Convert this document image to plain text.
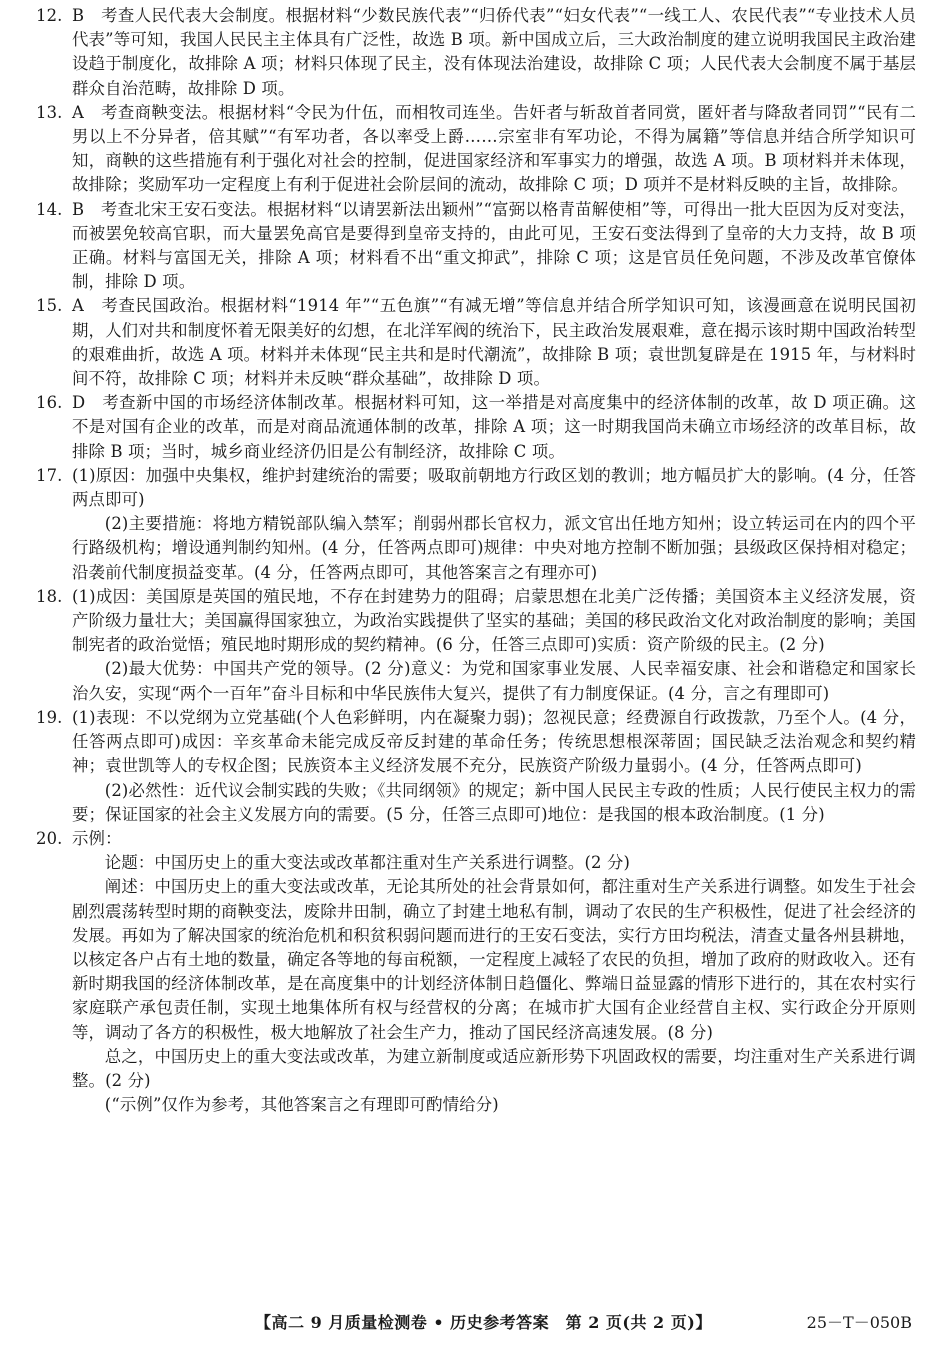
12. B　考查人民代表大会制度。根据材料“少数民族代表”“归侨代表”“妇女代表”“一线工人、农民代表”“专业技术人员代表”等可知，我国人民民主主体具有广泛性，故选 B 项。新中国成立后，三大政治制度的建立说明我国民主政治建设趋于制度化，故排除 A 项；材料只体现了民主，没有体现法治建设，故排除 C 项；人民代表大会制度不属于基层群众自治范畴，故排除 D 项。

13. A　考查商鞅变法。根据材料“令民为什伍，而相牧司连坐。告奸者与斩敌首者同赏，匿奸者与降敌者同罚”“民有二男以上不分异者，倍其赋”“有军功者，各以率受上爵……宗室非有军功论，不得为属籍”等信息并结合所学知识可知，商鞅的这些措施有利于强化对社会的控制，促进国家经济和军事实力的增强，故选 A 项。B 项材料并未体现，故排除；奖励军功一定程度上有利于促进社会阶层间的流动，故排除 C 项；D 项并不是材料反映的主旨，故排除。

14. B　考查北宋王安石变法。根据材料“以请罢新法出颖州”“富弼以格青苗解使相”等，可得出一批大臣因为反对变法，而被罢免较高官职，而大量罢免高官是要得到皇帝支持的，由此可见，王安石变法得到了皇帝的大力支持，故 B 项正确。材料与富国无关，排除 A 项；材料看不出“重文抑武”，排除 C 项；这是官员任免问题，不涉及改革官僚体制，排除 D 项。

15. A　考查民国政治。根据材料“1914 年”“五色旗”“有减无增”等信息并结合所学知识可知，该漫画意在说明民国初期，人们对共和制度怀着无限美好的幻想，在北洋军阀的统治下，民主政治发展艰难，意在揭示该时期中国政治转型的艰难曲折，故选 A 项。材料并未体现“民主共和是时代潮流”，故排除 B 项；袁世凯复辟是在 1915 年，与材料时间不符，故排除 C 项；材料并未反映“群众基础”，故排除 D 项。

16. D　考查新中国的市场经济体制改革。根据材料可知，这一举措是对高度集中的经济体制的改革，故 D 项正确。这不是对国有企业的改革，而是对商品流通体制的改革，排除 A 项；这一时期我国尚未确立市场经济的改革目标，故排除 B 项；当时，城乡商业经济仍旧是公有制经济，故排除 C 项。

17. (1)原因：加强中央集权，维护封建统治的需要；吸取前朝地方行政区划的教训；地方幅员扩大的影响。(4 分，任答两点即可)

(2)主要措施：将地方精锐部队编入禁军；削弱州郡长官权力，派文官出任地方知州；设立转运司在内的四个平行路级机构；增设通判制约知州。(4 分，任答两点即可)规律：中央对地方控制不断加强；县级政区保持相对稳定；沿袭前代制度损益变革。(4 分，任答两点即可，其他答案言之有理亦可)

18. (1)成因：美国原是英国的殖民地，不存在封建势力的阻碍；启蒙思想在北美广泛传播；美国资本主义经济发展，资产阶级力量壮大；美国赢得国家独立，为政治实践提供了坚实的基础；美国的移民政治文化对政治制度的影响；美国制宪者的政治觉悟；殖民地时期形成的契约精神。(6 分，任答三点即可)实质：资产阶级的民主。(2 分)

(2)最大优势：中国共产党的领导。(2 分)意义：为党和国家事业发展、人民幸福安康、社会和谐稳定和国家长治久安，实现“两个一百年”奋斗目标和中华民族伟大复兴，提供了有力制度保证。(4 分，言之有理即可)

19. (1)表现：不以党纲为立党基础(个人色彩鲜明，内在凝聚力弱)；忽视民意；经费源自行政拨款，乃至个人。(4 分，任答两点即可)成因：辛亥革命未能完成反帝反封建的革命任务；传统思想根深蒂固；国民缺乏法治观念和契约精神；袁世凯等人的专权企图；民族资本主义经济发展不充分，民族资产阶级力量弱小。(4 分，任答两点即可)

(2)必然性：近代议会制实践的失败；《共同纲领》的规定；新中国人民民主专政的性质；人民行使民主权力的需要；保证国家的社会主义发展方向的需要。(5 分，任答三点即可)地位：是我国的根本政治制度。(1 分)

20. 示例：

论题：中国历史上的重大变法或改革都注重对生产关系进行调整。(2 分)

阐述：中国历史上的重大变法或改革，无论其所处的社会背景如何，都注重对生产关系进行调整。如发生于社会剧烈震荡转型时期的商鞅变法，废除井田制，确立了封建土地私有制，调动了农民的生产积极性，促进了社会经济的发展。再如为了解决国家的统治危机和积贫积弱问题而进行的王安石变法，实行方田均税法，清查丈量各州县耕地，以核定各户占有土地的数量，确定各等地的每亩税额，一定程度上减轻了农民的负担，增加了政府的财政收入。还有新时期我国的经济体制改革，是在高度集中的计划经济体制日趋僵化、弊端日益显露的情形下进行的，其在农村实行家庭联产承包责任制，实现土地集体所有权与经营权的分离；在城市扩大国有企业经营自主权、实行政企分开原则等，调动了各方的积极性，极大地解放了社会生产力，推动了国民经济高速发展。(8 分)

总之，中国历史上的重大变法或改革，为建立新制度或适应新形势下巩固政权的需要，均注重对生产关系进行调整。(2 分)

(“示例”仅作为参考，其他答案言之有理即可酌情给分)

【高二 9 月质量检测卷 • 历史参考答案　第 2 页(共 2 页)】	25－T－050B
